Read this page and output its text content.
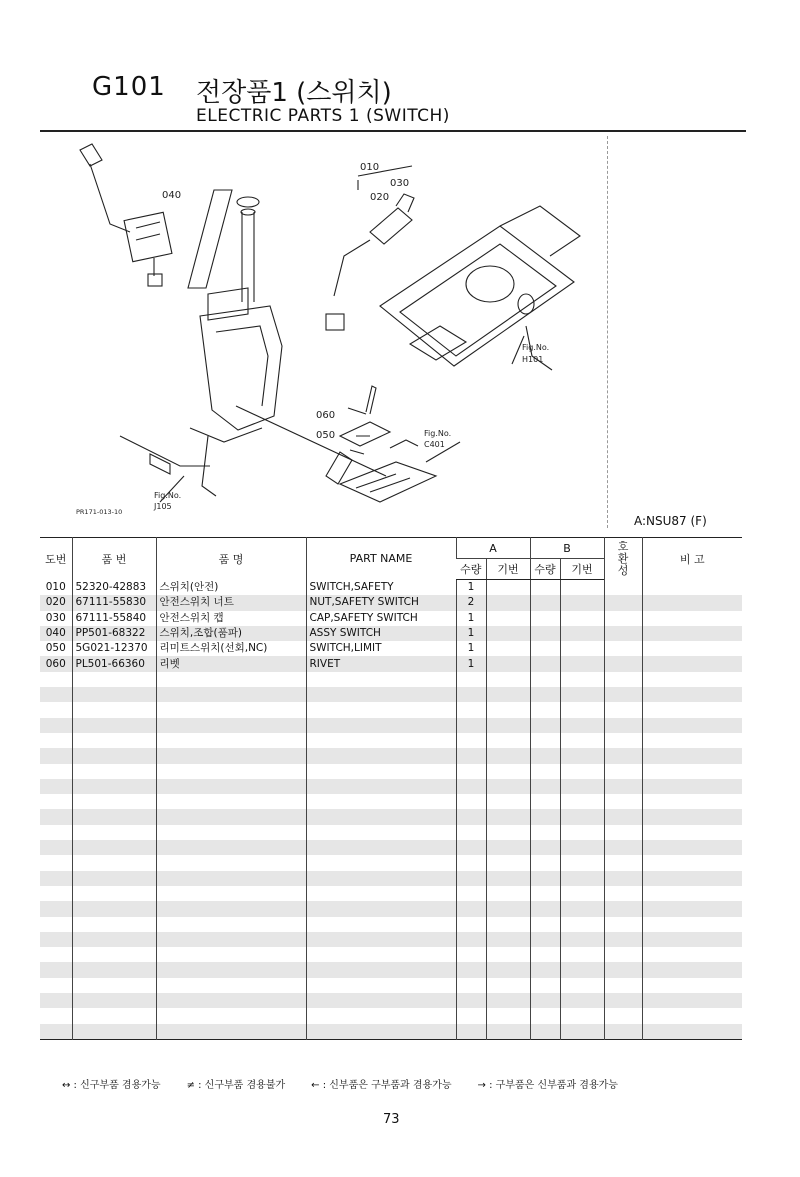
G101 전장품1 (스위치)
ELECTRIC PARTS 1 (SWITCH)
010
030
020
040
060
050
Fig.No.
H101
Fig.No.
C401
Fig.No.
J105
PR171-013-10
A:NSU87 (F)
도번	품 번	품 명	PART NAME	A		B		호환성	비 고
				수량	기번	수량	기번		
010	52320-42883	스위치(안전)	SWITCH,SAFETY	1					
020	67111-55830	안전스위치 너트	NUT,SAFETY SWITCH	2					
030	67111-55840	안전스위치 캡	CAP,SAFETY SWITCH	1					
040	PP501-68322	스위치,조합(품파)	ASSY SWITCH	1					
050	5G021-12370	리미트스위치(선회,NC)	SWITCH,LIMIT	1					
060	PL501-66360	리벳	RIVET	1					

↔ : 신구부품 겸용가능	≠ : 신구부품 겸용불가	← : 신부품은 구부품과 겸용가능	→ : 구부품은 신부품과 겸용가능
73
